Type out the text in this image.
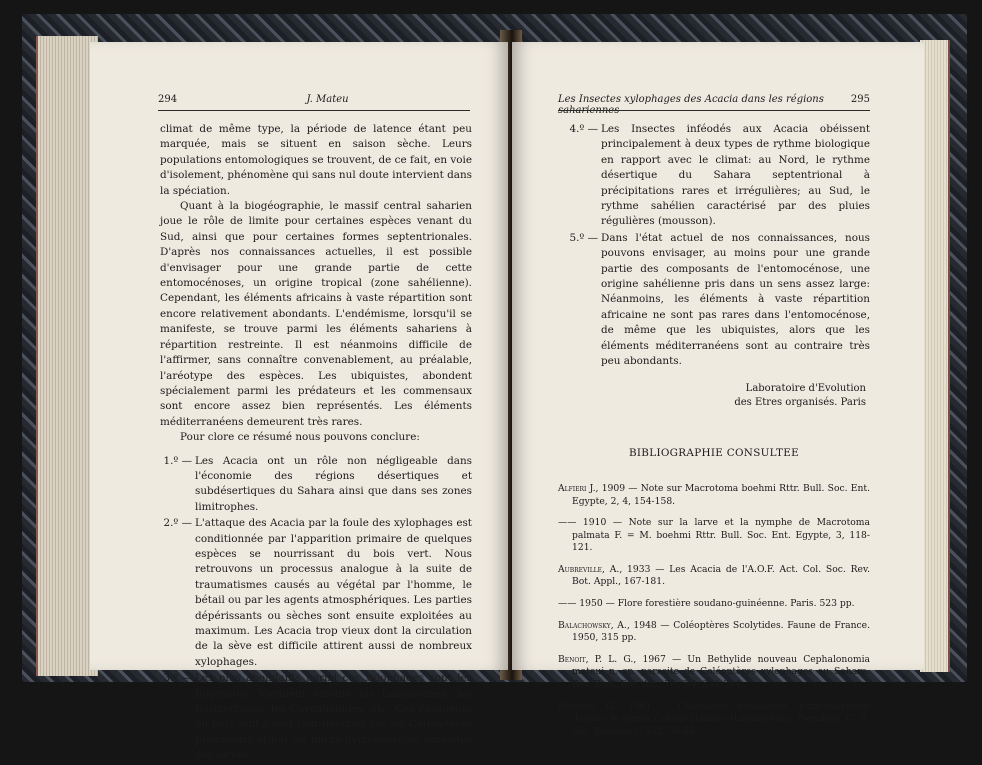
294	J. Mateu

climat de même type, la période de latence étant peu marquée, mais se situent en saison sèche. Leurs populations entomologiques se trouvent, de ce fait, en voie d'isolement, phénomène qui sans nul doute intervient dans la spéciation.

Quant à la biogéographie, le massif central saharien joue le rôle de limite pour certaines espèces venant du Sud, ainsi que pour certaines formes septentrionales. D'après nos connaissances actuelles, il est possible d'envisager pour une grande partie de cette entomocénoses, un origine tropical (zone sahélienne). Cependant, les éléments africains à vaste répartition sont encore relativement abondants. L'endémisme, lorsqu'il se manifeste, se trouve parmi les éléments sahariens à répartition restreinte. Il est néanmoins difficile de l'affirmer, sans connaître convenablement, au préalable, l'aréotype des espèces. Les ubiquistes, abondent spécialement parmi les prédateurs et les commensaux sont encore assez bien représentés. Les éléments méditerranéens demeurent très rares.

Pour clore ce résumé nous pouvons conclure:

1.º — Les Acacia ont un rôle non négligeable dans l'économie des régions désertiques et subdésertiques du Sahara ainsi que dans ses zones limitrophes.
2.º — L'attaque des Acacia par la foule des xylophages est conditionnée par l'apparition primaire de quelques espèces se nourrissant du bois vert. Nous retrouvons un processus analogue à la suite de traumatismes causés au végétal par l'homme, le bétail ou par les agents atmosphériques. Les parties dépérissants ou sèches sont ensuite exploitées au maximum. Les Acacia trop vieux dont la circulation de la sève est difficile attirent aussi de nombreux xylophages.
3.º — Les plus abondants parmi ces xylophages sont les Buprestes. Viennent ensuite les Longicornes, les Bostrychides, les Curculionides, etc. Ces ravageurs du bois sont à leur tour décimés par les Coléoptères prédateurs et par les micro-hyménoptères parasites des larves.
Les Insectes xylophages des Acacia dans les régions	295
4.º — Les Insectes inféodés aux Acacia obéissent principalement à deux types de rythme biologique en rapport avec le climat: au Nord, le rythme désertique du Sahara septentrional à précipitations rares et irrégulières; au Sud, le rythme sahélien caractérisé par des pluies régulières (mousson).
5.º — Dans l'état actuel de nos connaissances, nous pouvons envisager, au moins pour une grande partie des composants de l'entomocénose, une origine sahélienne pris dans un sens assez large: Néanmoins, les éléments à vaste répartition africaine ne sont pas rares dans l'entomocénose, de même que les ubiquistes, alors que les éléments méditerranéens sont au contraire très peu abondants.
Laboratoire d'Evolution
des Etres organisés. Paris
BIBLIOGRAPHIE CONSULTEE
Alfieri J., 1909 — Note sur Macrotoma boehmi Rttr. Bull. Soc. Ent. Egypte, 2, 4, 154-158.
—— 1910 — Note sur la larve et la nymphe de Macrotoma palmata F. = M. boehmi Rttr. Bull. Soc. Ent. Egypte, 3, 118-121.
Aubreville, A., 1933 — Les Acacia de l'A.O.F. Act. Col. Soc. Rev. Bot. Appl., 167-181.
—— 1950 — Flore forestière soudano-guinéenne. Paris. 523 pp.
Balachowsky, A., 1948 — Coléoptères Scolytides. Faune de France. 1950, 315 pp.
Benoit, P. L. G., 1967 — Un Bethylide nouveau Cephalonomia mateui n. sp. parasite de Coléoptères xylophages au Sahara. Rev. Zool. Bot. Afr., 76, 3-4, 341-344.
Bernardi, G., 1961 — Chorologie sahélienne, principalement d'après le genre Colotis Hubner (Lépidoptère, Pieridae). C. R. Soc. Biogéogr., 332, 38-46.
